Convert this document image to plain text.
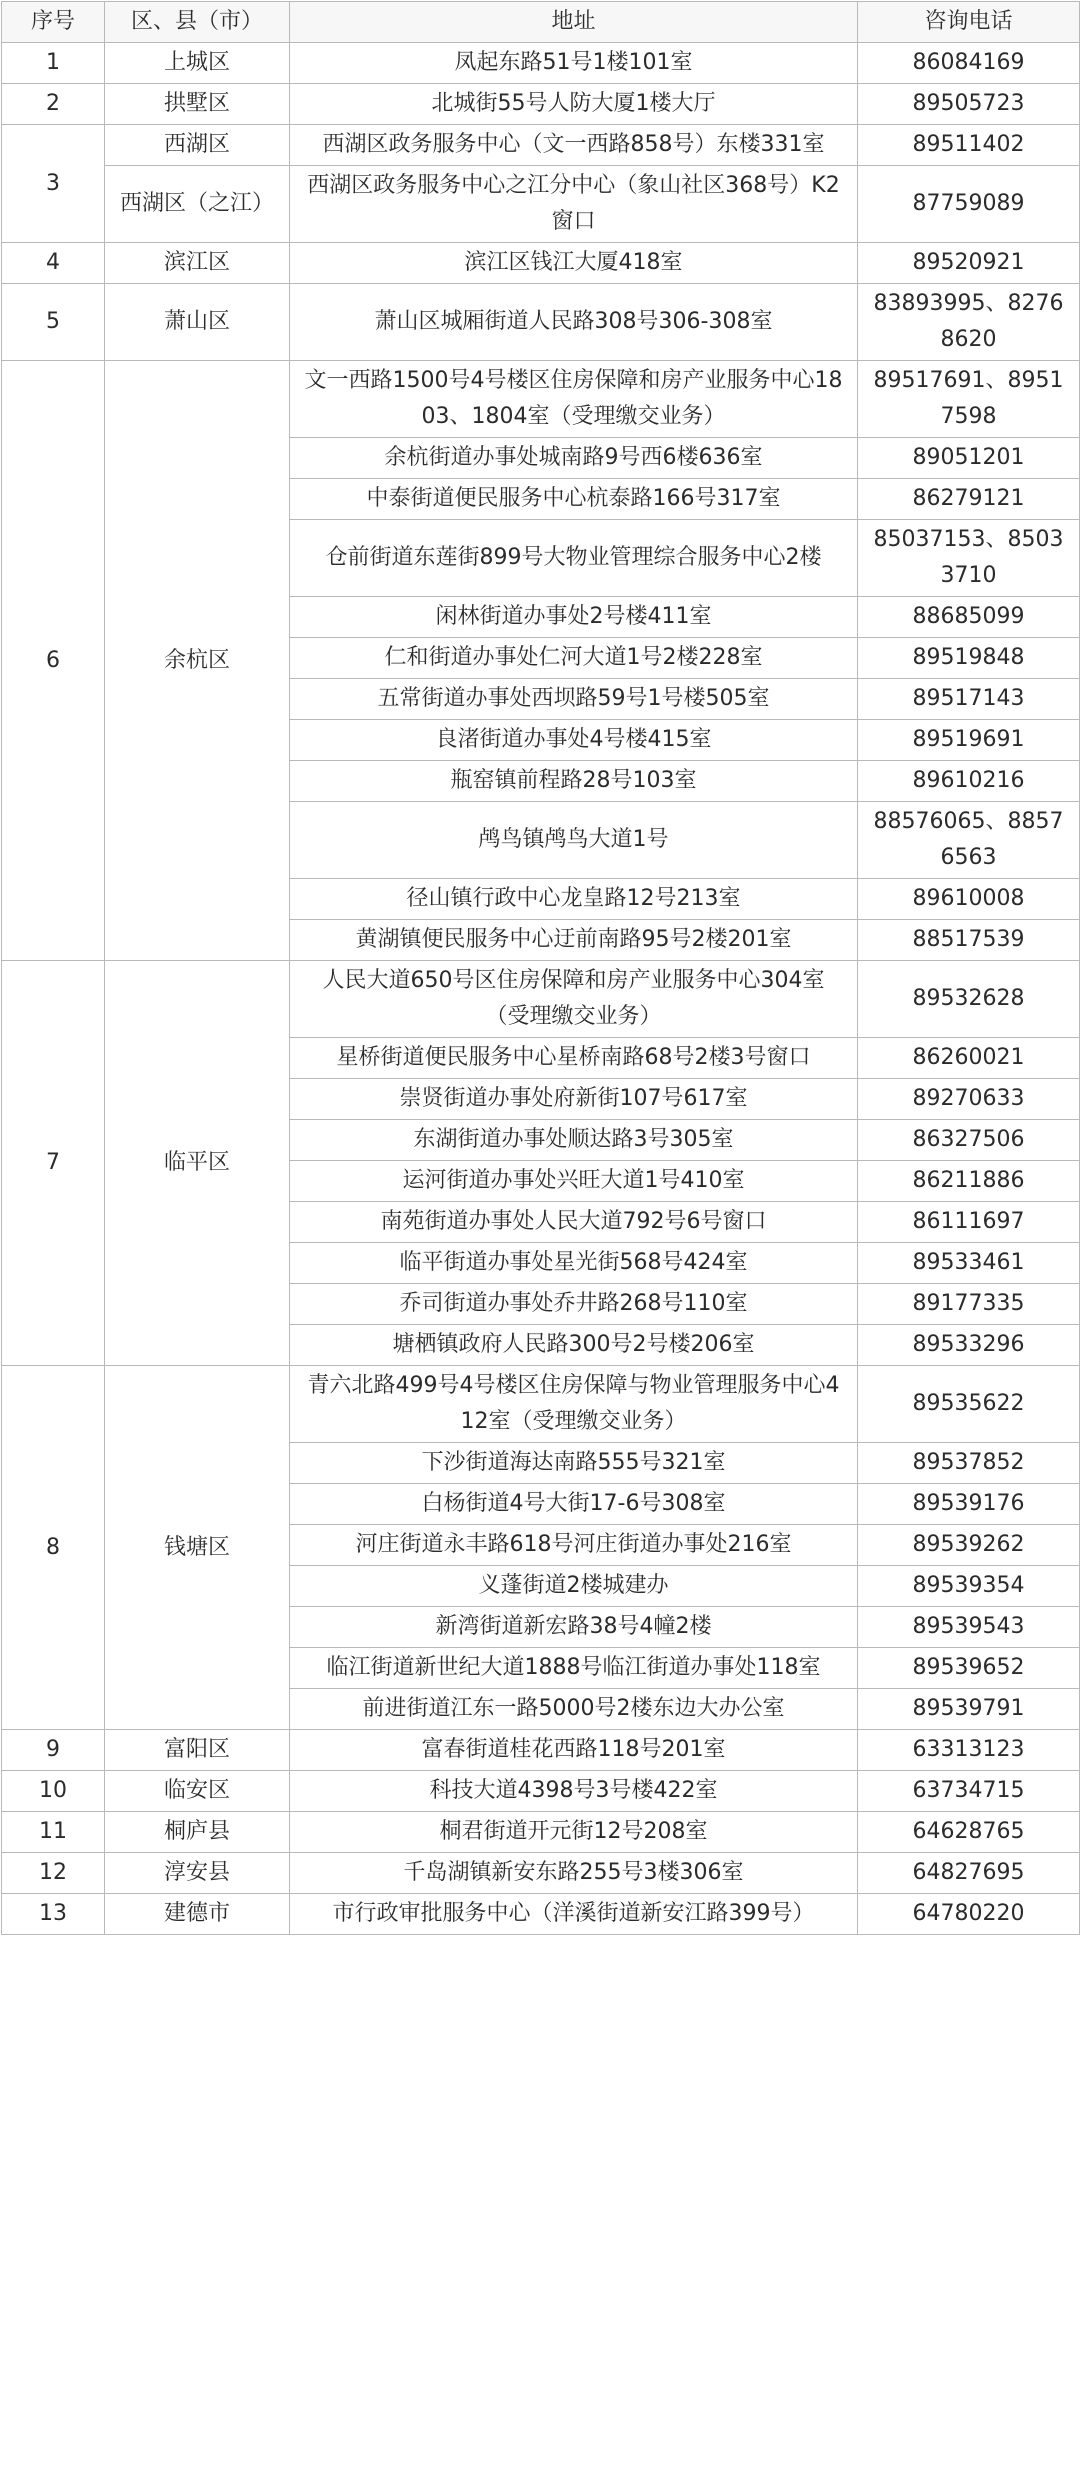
序号	区、县（市）	地址	咨询电话
1	上城区	凤起东路51号1楼101室	86084169
2	拱墅区	北城街55号人防大厦1楼大厅	89505723
3	西湖区	西湖区政务服务中心（文一西路858号）东楼331室	89511402
	西湖区（之江）	西湖区政务服务中心之江分中心（象山社区368号）K2窗口	87759089
4	滨江区	滨江区钱江大厦418室	89520921
5	萧山区	萧山区城厢街道人民路308号306-308室	83893995、82768620
6	余杭区	文一西路1500号4号楼区住房保障和房产业服务中心1803、1804室（受理缴交业务）	89517691、89517598
		余杭街道办事处城南路9号西6楼636室	89051201
		中泰街道便民服务中心杭泰路166号317室	86279121
		仓前街道东莲街899号大物业管理综合服务中心2楼	85037153、85033710
		闲林街道办事处2号楼411室	88685099
		仁和街道办事处仁河大道1号2楼228室	89519848
		五常街道办事处西坝路59号1号楼505室	89517143
		良渚街道办事处4号楼415室	89519691
		瓶窑镇前程路28号103室	89610216
		鸬鸟镇鸬鸟大道1号	88576065、88576563
		径山镇行政中心龙皇路12号213室	89610008
		黄湖镇便民服务中心迂前南路95号2楼201室	88517539
7	临平区	人民大道650号区住房保障和房产业服务中心304室（受理缴交业务）	89532628
		星桥街道便民服务中心星桥南路68号2楼3号窗口	86260021
		崇贤街道办事处府新街107号617室	89270633
		东湖街道办事处顺达路3号305室	86327506
		运河街道办事处兴旺大道1号410室	86211886
		南苑街道办事处人民大道792号6号窗口	86111697
		临平街道办事处星光街568号424室	89533461
		乔司街道办事处乔井路268号110室	89177335
		塘栖镇政府人民路300号2号楼206室	89533296
8	钱塘区	青六北路499号4号楼区住房保障与物业管理服务中心412室（受理缴交业务）	89535622
		下沙街道海达南路555号321室	89537852
		白杨街道4号大街17-6号308室	89539176
		河庄街道永丰路618号河庄街道办事处216室	89539262
		义蓬街道2楼城建办	89539354
		新湾街道新宏路38号4幢2楼	89539543
		临江街道新世纪大道1888号临江街道办事处118室	89539652
		前进街道江东一路5000号2楼东边大办公室	89539791
9	富阳区	富春街道桂花西路118号201室	63313123
10	临安区	科技大道4398号3号楼422室	63734715
11	桐庐县	桐君街道开元街12号208室	64628765
12	淳安县	千岛湖镇新安东路255号3楼306室	64827695
13	建德市	市行政审批服务中心（洋溪街道新安江路399号）	64780220
